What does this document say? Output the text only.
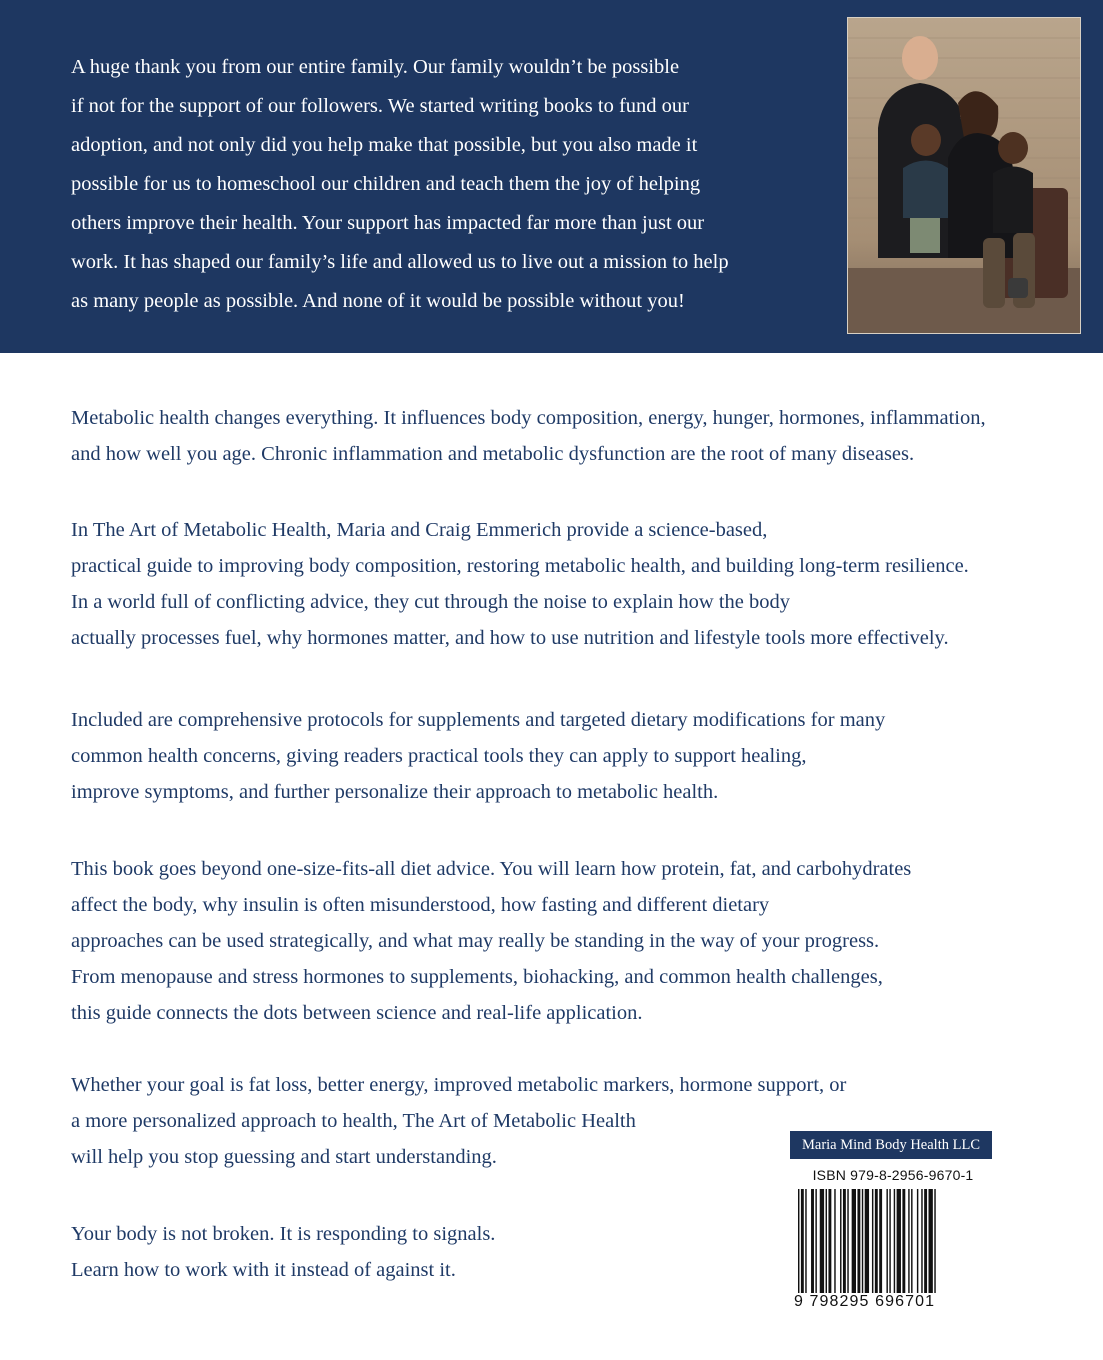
A huge thank you from our entire family. Our family wouldn’t be possible
if not for the support of our followers. We started writing books to fund our
adoption, and not only did you help make that possible, but you also made it
possible for us to homeschool our children and teach them the joy of helping
others improve their health. Your support has impacted far more than just our
work. It has shaped our family’s life and allowed us to live out a mission to help
as many people as possible. And none of it would be possible without you!
Metabolic health changes everything. It influences body composition, energy, hunger, hormones, inflammation,
and how well you age. Chronic inflammation and metabolic dysfunction are the root of many diseases.
In The Art of Metabolic Health, Maria and Craig Emmerich provide a science-based,
practical guide to improving body composition, restoring metabolic health, and building long-term resilience.
In a world full of conflicting advice, they cut through the noise to explain how the body
actually processes fuel, why hormones matter, and how to use nutrition and lifestyle tools more effectively.
Included are comprehensive protocols for supplements and targeted dietary modifications for many
common health concerns, giving readers practical tools they can apply to support healing,
improve symptoms, and further personalize their approach to metabolic health.
This book goes beyond one-size-fits-all diet advice. You will learn how protein, fat, and carbohydrates
affect the body, why insulin is often misunderstood, how fasting and different dietary
approaches can be used strategically, and what may really be standing in the way of your progress.
From menopause and stress hormones to supplements, biohacking, and common health challenges,
this guide connects the dots between science and real-life application.
Whether your goal is fat loss, better energy, improved metabolic markers, hormone support, or
a more personalized approach to health, The Art of Metabolic Health
will help you stop guessing and start understanding.
Your body is not broken. It is responding to signals.
Learn how to work with it instead of against it.
Maria Mind Body Health LLC
ISBN 979-8-2956-9670-1
9 798295 696701
